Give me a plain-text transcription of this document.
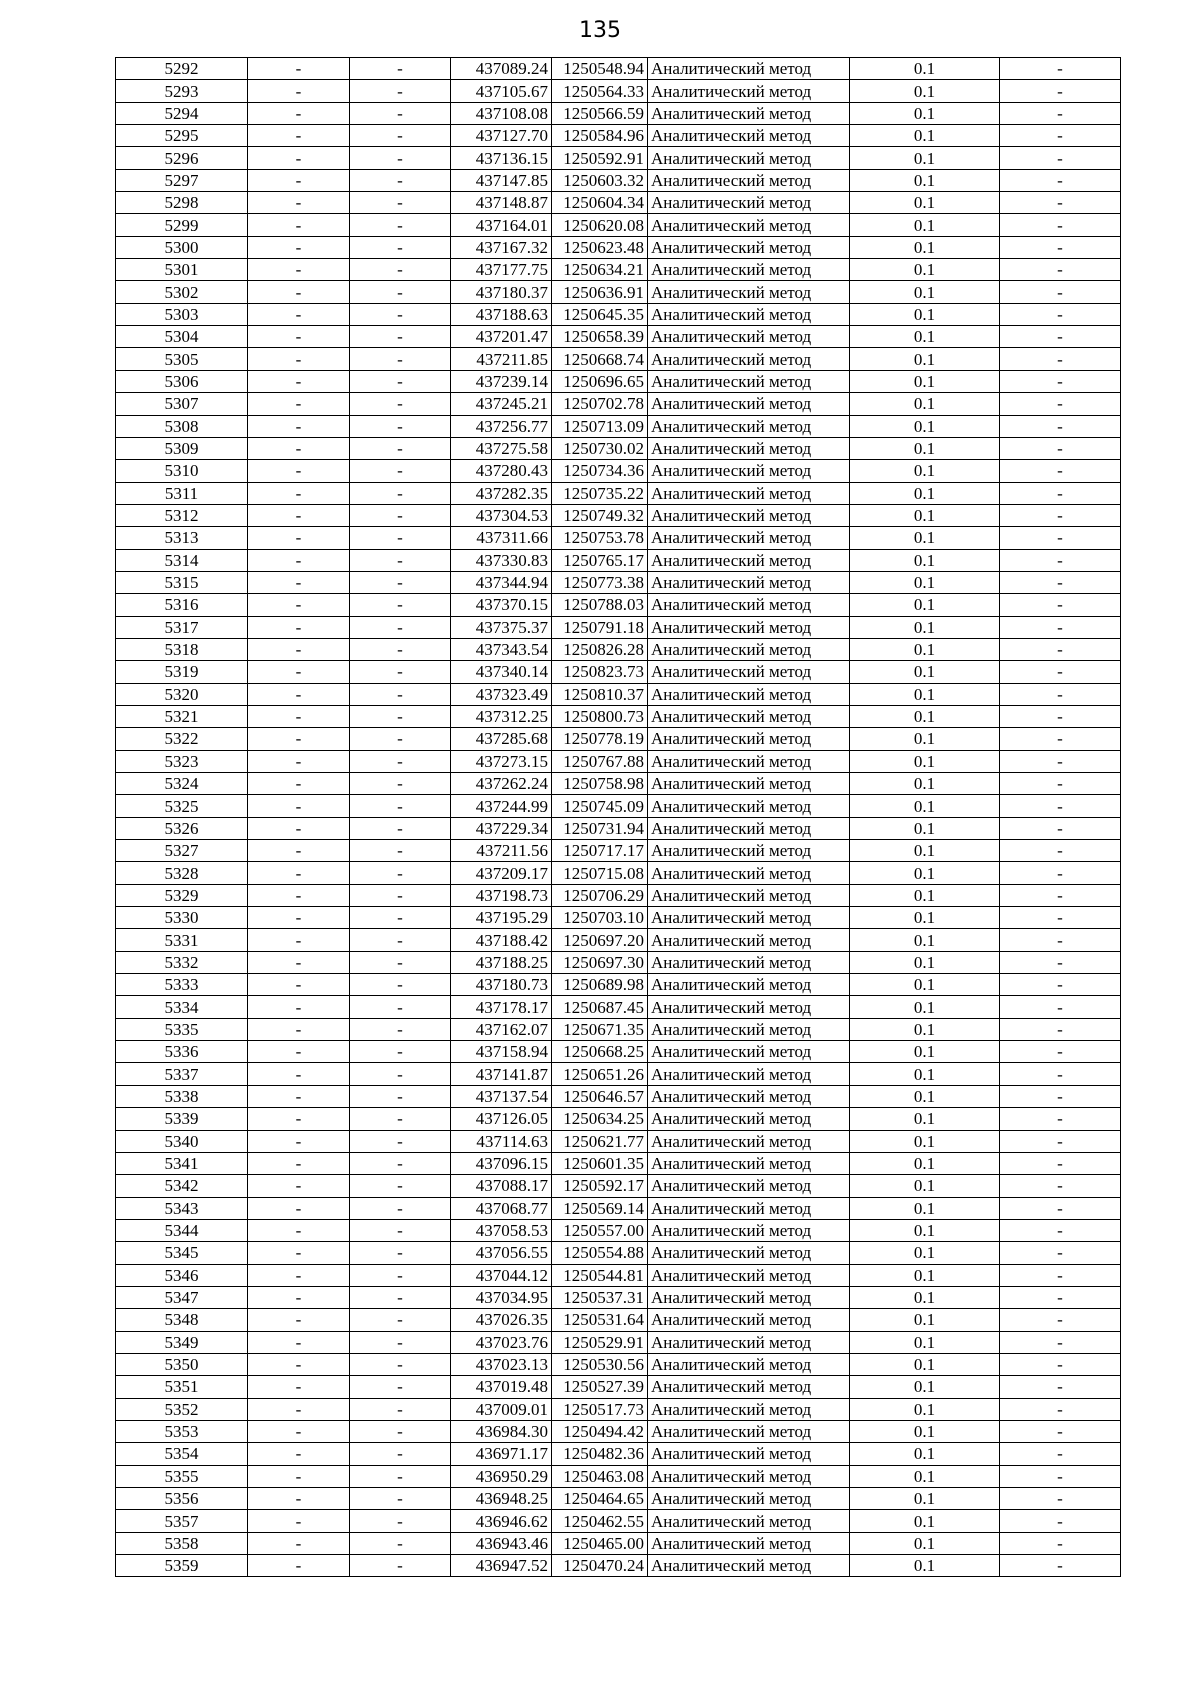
135
5292	-	-	437089.24	1250548.94	Аналитический метод	0.1	-
5293	-	-	437105.67	1250564.33	Аналитический метод	0.1	-
5294	-	-	437108.08	1250566.59	Аналитический метод	0.1	-
5295	-	-	437127.70	1250584.96	Аналитический метод	0.1	-
5296	-	-	437136.15	1250592.91	Аналитический метод	0.1	-
5297	-	-	437147.85	1250603.32	Аналитический метод	0.1	-
5298	-	-	437148.87	1250604.34	Аналитический метод	0.1	-
5299	-	-	437164.01	1250620.08	Аналитический метод	0.1	-
5300	-	-	437167.32	1250623.48	Аналитический метод	0.1	-
5301	-	-	437177.75	1250634.21	Аналитический метод	0.1	-
5302	-	-	437180.37	1250636.91	Аналитический метод	0.1	-
5303	-	-	437188.63	1250645.35	Аналитический метод	0.1	-
5304	-	-	437201.47	1250658.39	Аналитический метод	0.1	-
5305	-	-	437211.85	1250668.74	Аналитический метод	0.1	-
5306	-	-	437239.14	1250696.65	Аналитический метод	0.1	-
5307	-	-	437245.21	1250702.78	Аналитический метод	0.1	-
5308	-	-	437256.77	1250713.09	Аналитический метод	0.1	-
5309	-	-	437275.58	1250730.02	Аналитический метод	0.1	-
5310	-	-	437280.43	1250734.36	Аналитический метод	0.1	-
5311	-	-	437282.35	1250735.22	Аналитический метод	0.1	-
5312	-	-	437304.53	1250749.32	Аналитический метод	0.1	-
5313	-	-	437311.66	1250753.78	Аналитический метод	0.1	-
5314	-	-	437330.83	1250765.17	Аналитический метод	0.1	-
5315	-	-	437344.94	1250773.38	Аналитический метод	0.1	-
5316	-	-	437370.15	1250788.03	Аналитический метод	0.1	-
5317	-	-	437375.37	1250791.18	Аналитический метод	0.1	-
5318	-	-	437343.54	1250826.28	Аналитический метод	0.1	-
5319	-	-	437340.14	1250823.73	Аналитический метод	0.1	-
5320	-	-	437323.49	1250810.37	Аналитический метод	0.1	-
5321	-	-	437312.25	1250800.73	Аналитический метод	0.1	-
5322	-	-	437285.68	1250778.19	Аналитический метод	0.1	-
5323	-	-	437273.15	1250767.88	Аналитический метод	0.1	-
5324	-	-	437262.24	1250758.98	Аналитический метод	0.1	-
5325	-	-	437244.99	1250745.09	Аналитический метод	0.1	-
5326	-	-	437229.34	1250731.94	Аналитический метод	0.1	-
5327	-	-	437211.56	1250717.17	Аналитический метод	0.1	-
5328	-	-	437209.17	1250715.08	Аналитический метод	0.1	-
5329	-	-	437198.73	1250706.29	Аналитический метод	0.1	-
5330	-	-	437195.29	1250703.10	Аналитический метод	0.1	-
5331	-	-	437188.42	1250697.20	Аналитический метод	0.1	-
5332	-	-	437188.25	1250697.30	Аналитический метод	0.1	-
5333	-	-	437180.73	1250689.98	Аналитический метод	0.1	-
5334	-	-	437178.17	1250687.45	Аналитический метод	0.1	-
5335	-	-	437162.07	1250671.35	Аналитический метод	0.1	-
5336	-	-	437158.94	1250668.25	Аналитический метод	0.1	-
5337	-	-	437141.87	1250651.26	Аналитический метод	0.1	-
5338	-	-	437137.54	1250646.57	Аналитический метод	0.1	-
5339	-	-	437126.05	1250634.25	Аналитический метод	0.1	-
5340	-	-	437114.63	1250621.77	Аналитический метод	0.1	-
5341	-	-	437096.15	1250601.35	Аналитический метод	0.1	-
5342	-	-	437088.17	1250592.17	Аналитический метод	0.1	-
5343	-	-	437068.77	1250569.14	Аналитический метод	0.1	-
5344	-	-	437058.53	1250557.00	Аналитический метод	0.1	-
5345	-	-	437056.55	1250554.88	Аналитический метод	0.1	-
5346	-	-	437044.12	1250544.81	Аналитический метод	0.1	-
5347	-	-	437034.95	1250537.31	Аналитический метод	0.1	-
5348	-	-	437026.35	1250531.64	Аналитический метод	0.1	-
5349	-	-	437023.76	1250529.91	Аналитический метод	0.1	-
5350	-	-	437023.13	1250530.56	Аналитический метод	0.1	-
5351	-	-	437019.48	1250527.39	Аналитический метод	0.1	-
5352	-	-	437009.01	1250517.73	Аналитический метод	0.1	-
5353	-	-	436984.30	1250494.42	Аналитический метод	0.1	-
5354	-	-	436971.17	1250482.36	Аналитический метод	0.1	-
5355	-	-	436950.29	1250463.08	Аналитический метод	0.1	-
5356	-	-	436948.25	1250464.65	Аналитический метод	0.1	-
5357	-	-	436946.62	1250462.55	Аналитический метод	0.1	-
5358	-	-	436943.46	1250465.00	Аналитический метод	0.1	-
5359	-	-	436947.52	1250470.24	Аналитический метод	0.1	-
